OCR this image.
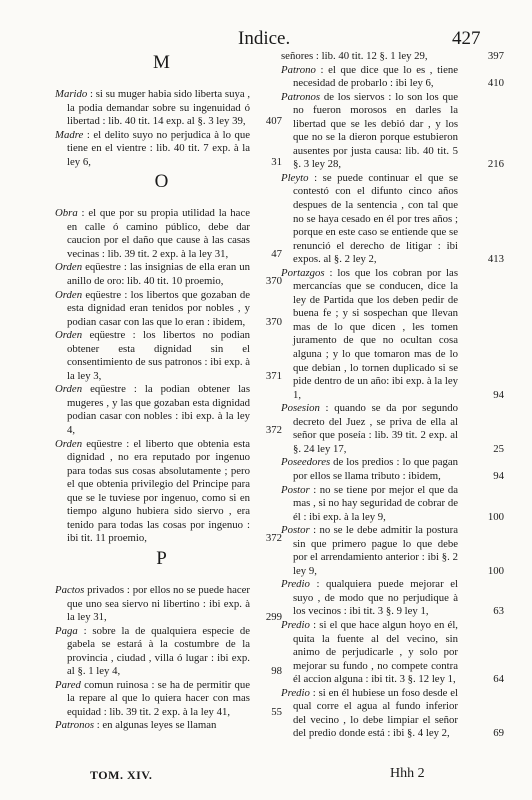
Indice.	427
M
Marido : si su muger habia sido liberta suya , la podia demandar sobre su ingenuidad ó libertad : lib. 40 tit. 14 exp. al §. 3 ley 39, 407
Madre : el delito suyo no perjudica à lo que tiene en el vientre : lib. 40 tit. 7 exp. à la ley 6,	31
O
Obra : el que por su propia utilidad la hace en calle ó camino público, debe dar caucion por el daño que cause à las casas vecinas : lib. 39 tit. 2 exp. à la ley 31,	47
Orden eqüestre : las insignias de ella eran un anillo de oro: lib. 40 tit. 10 proemio,	370
Orden eqüestre : los libertos que gozaban de esta dignidad eran tenidos por nobles , y podian casar con las que lo eran : ibidem, 370
Orden eqüestre : los libertos no podian obtener esta dignidad sin el consentimiento de sus patronos : ibi exp. à la ley 3,	371
Orden eqüestre : la podian obtener las mugeres , y las que gozaban esta dignidad podian casar con nobles : ibi exp. à la ley 4,	372
Orden eqüestre : el liberto que obtenia esta dignidad , no era reputado por ingenuo para todas sus cosas absolutamente ; pero el que obtenia privilegio del Principe para que se le tuviese por ingenuo, como si en tiempo alguno hubiera sido siervo , era tenido para todas las cosas por ingenuo : ibi tit. 11 proemio,	372
P
Pactos privados : por ellos no se puede hacer que uno sea siervo ni libertino : ibi exp. à la ley 31,	299
Paga : sobre la de qualquiera especie de gabela se estará à la costumbre de la provincia , ciudad , villa ó lugar : ibi exp. al §. 1 ley 4,	98
Pared comun ruinosa : se ha de permitir que la repare al que lo quiera hacer con mas equidad : lib. 39 tit. 2 exp. à la ley 41,	55
Patronos : en algunas leyes se llaman
señores : lib. 40 tit. 12 §. 1 ley 29,	397
Patrono : el que dice que lo es , tiene necesidad de probarlo : ibi ley 6,	410
Patronos de los siervos : lo son los que no fueron morosos en darles la libertad que se les debió dar , y los que no se la dieron porque estubieron ausentes por justa causa: lib. 40 tit. 5 §. 3 ley 28,	216
Pleyto : se puede continuar el que se contestó con el difunto cinco años despues de la sentencia , con tal que no se haya cesado en él por tres años ; porque en este caso se entiende que se renunció el derecho de litigar : ibi expos. al §. 2 ley 2,	413
Portazgos : los que los cobran por las mercancías que se conducen, dice la ley de Partida que los deben pedir de buena fe ; y si sospechan que llevan mas de lo que dicen , les tomen juramento de que no ocultan cosa alguna ; y lo que tomaron mas de lo que debian , lo tornen duplicado si se pide dentro de un año: ibi exp. à la ley 1,	94
Posesion : quando se da por segundo decreto del Juez , se priva de ella al señor que poseía : lib. 39 tit. 2 exp. al §. 24 ley 17,	25
Poseedores de los predios : lo que pagan por ellos se llama tributo : ibidem,	94
Postor : no se tiene por mejor el que da mas , si no hay seguridad de cobrar de él : ibi exp. à la ley 9,	100
Postor : no se le debe admitir la postura sin que primero pague lo que debe por el arrendamiento anterior : ibi §. 2 ley 9,	100
Predio : qualquiera puede mejorar el suyo , de modo que no perjudique à los vecinos : ibi tit. 3 §. 9 ley 1,	63
Predio : si el que hace algun hoyo en él, quita la fuente al del vecino, sin animo de perjudicarle , y solo por mejorar su fundo , no compete contra él accion alguna : ibi tit. 3 §. 12 ley 1,	64
Predio : si en él hubiese un foso desde el qual corre el agua al fundo inferior del vecino , lo debe limpiar el señor del predio donde está : ibi §. 4 ley 2,	69
TOM. XIV.	Hhh 2
